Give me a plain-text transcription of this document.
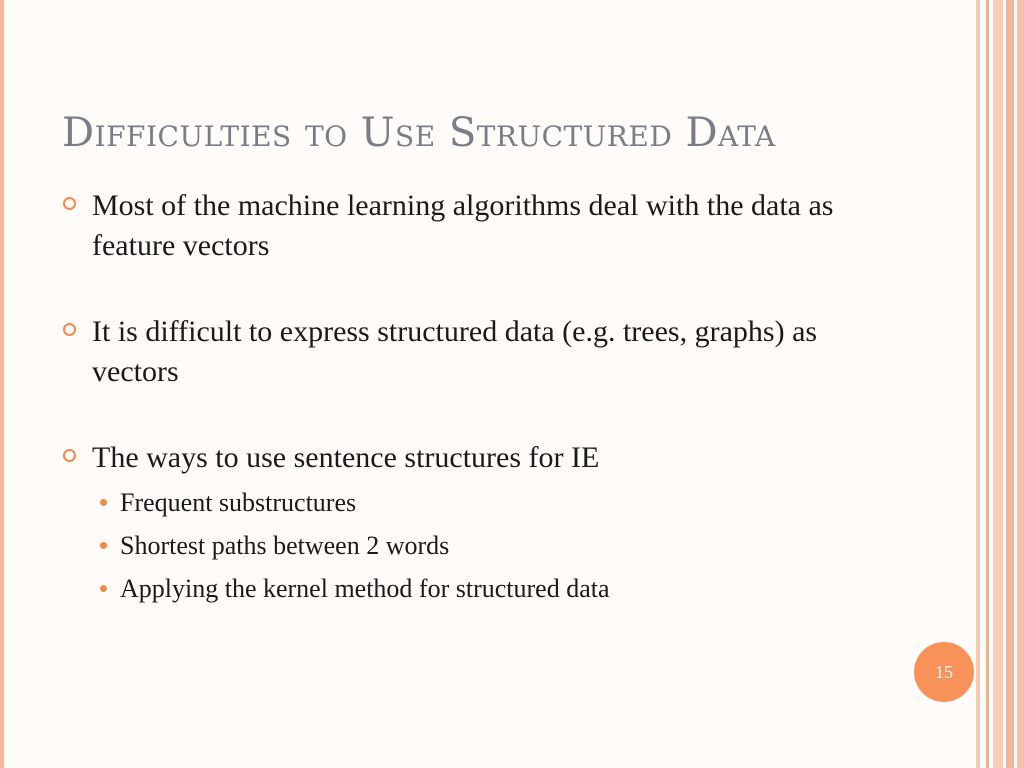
Difficulties to Use Structured Data
Most of the machine learning algorithms deal with the data as feature vectors
It is difficult to express structured data (e.g. trees, graphs) as vectors
The ways to use sentence structures for IE
Frequent substructures
Shortest paths between 2 words
Applying the kernel method for structured data
15
